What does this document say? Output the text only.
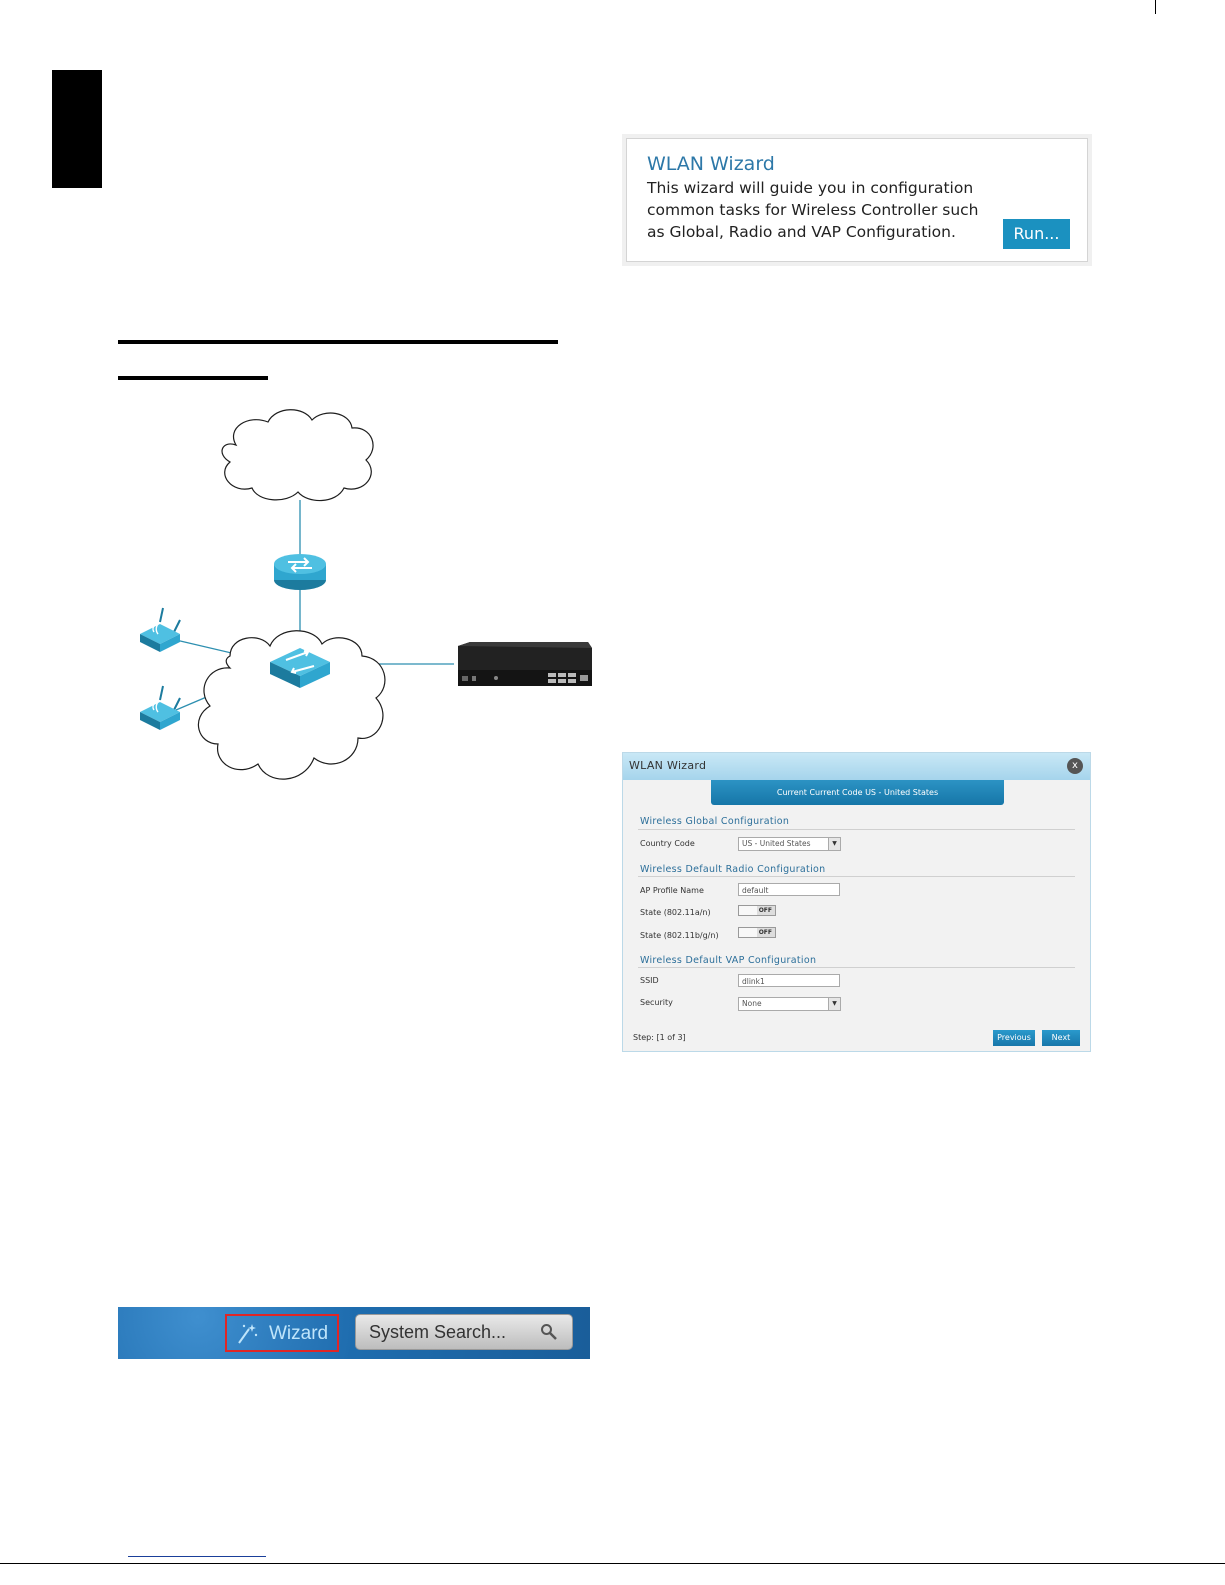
WLAN Wizard
This wizard will guide you in configuration common tasks for Wireless Controller such as Global, Radio and VAP Configuration.	Run...
WLAN Wizard	x
Current Current Code US - United States
Wireless Global Configuration
Country Code	US - United States	▼
Wireless Default Radio Configuration
AP Profile Name	default
State (802.11a/n)	OFF
State (802.11b/g/n)	OFF
Wireless Default VAP Configuration
SSID	dlink1
Security	None	▼
Step: [1 of 3]	Previous	Next
Wizard System Search...
